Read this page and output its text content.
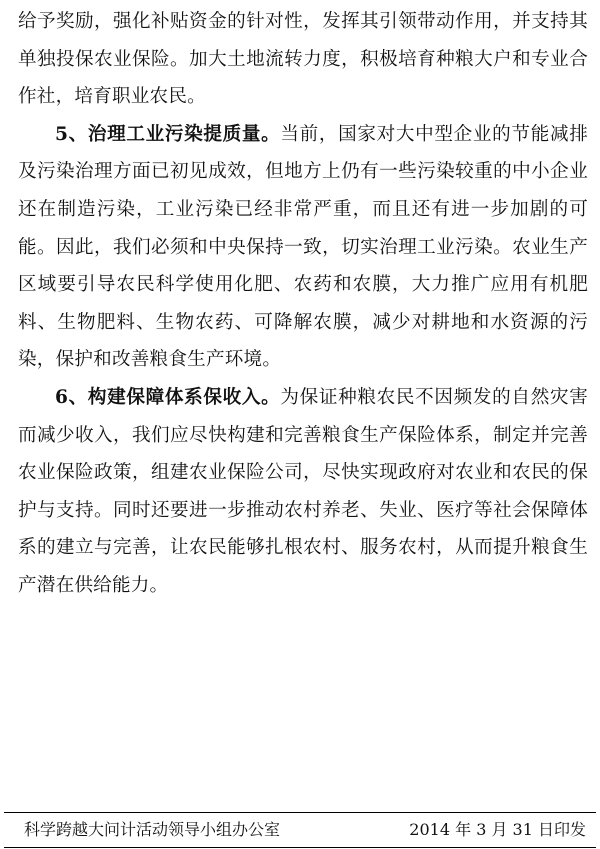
给予奖励，强化补贴资金的针对性，发挥其引领带动作用，并支持其单独投保农业保险。加大土地流转力度，积极培育种粮大户和专业合作社，培育职业农民。

5、治理工业污染提质量。当前，国家对大中型企业的节能减排及污染治理方面已初见成效，但地方上仍有一些污染较重的中小企业还在制造污染，工业污染已经非常严重，而且还有进一步加剧的可能。因此，我们必须和中央保持一致，切实治理工业污染。农业生产区域要引导农民科学使用化肥、农药和农膜，大力推广应用有机肥料、生物肥料、生物农药、可降解农膜，减少对耕地和水资源的污染，保护和改善粮食生产环境。

6、构建保障体系保收入。为保证种粮农民不因频发的自然灾害而减少收入，我们应尽快构建和完善粮食生产保险体系，制定并完善农业保险政策，组建农业保险公司，尽快实现政府对农业和农民的保护与支持。同时还要进一步推动农村养老、失业、医疗等社会保障体系的建立与完善，让农民能够扎根农村、服务农村，从而提升粮食生产潜在供给能力。

科学跨越大问计活动领导小组办公室	2014 年 3 月 31 日印发
